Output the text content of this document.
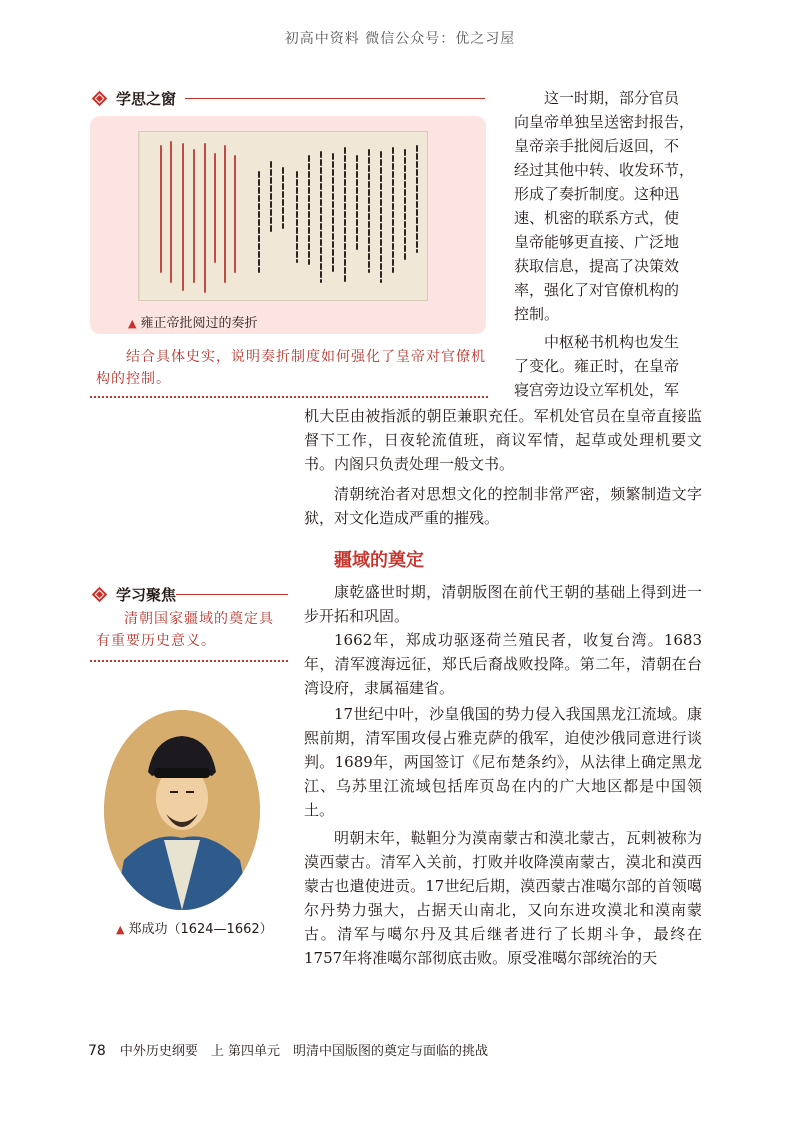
初高中资料 微信公众号：优之习屋
学思之窗
▲ 雍正帝批阅过的奏折
结合具体史实，说明奏折制度如何强化了皇帝对官僚机构的控制。
这一时期，部分官员
向皇帝单独呈送密封报告，
皇帝亲手批阅后返回，不
经过其他中转、收发环节，
形成了奏折制度。这种迅
速、机密的联系方式，使
皇帝能够更直接、广泛地
获取信息，提高了决策效
率，强化了对官僚机构的
控制。
中枢秘书机构也发生
了变化。雍正时，在皇帝
寝宫旁边设立军机处，军
机大臣由被指派的朝臣兼职充任。军机处官员在皇帝直接监督下工作，日夜轮流值班，商议军情，起草或处理机要文书。内阁只负责处理一般文书。
清朝统治者对思想文化的控制非常严密，频繁制造文字狱，对文化造成严重的摧残。
疆域的奠定
学习聚焦
清朝国家疆域的奠定具有重要历史意义。
康乾盛世时期，清朝版图在前代王朝的基础上得到进一步开拓和巩固。
1662年，郑成功驱逐荷兰殖民者，收复台湾。1683年，清军渡海远征，郑氏后裔战败投降。第二年，清朝在台湾设府，隶属福建省。
17世纪中叶，沙皇俄国的势力侵入我国黑龙江流域。康熙前期，清军围攻侵占雅克萨的俄军，迫使沙俄同意进行谈判。1689年，两国签订《尼布楚条约》，从法律上确定黑龙江、乌苏里江流域包括库页岛在内的广大地区都是中国领土。
明朝末年，鞑靼分为漠南蒙古和漠北蒙古，瓦剌被称为漠西蒙古。清军入关前，打败并收降漠南蒙古，漠北和漠西蒙古也遣使进贡。17世纪后期，漠西蒙古准噶尔部的首领噶尔丹势力强大，占据天山南北，又向东进攻漠北和漠南蒙古。清军与噶尔丹及其后继者进行了长期斗争，最终在1757年将准噶尔部彻底击败。原受准噶尔部统治的天
▲ 郑成功（1624—1662）
78 中外历史纲要　上 第四单元　明清中国版图的奠定与面临的挑战
